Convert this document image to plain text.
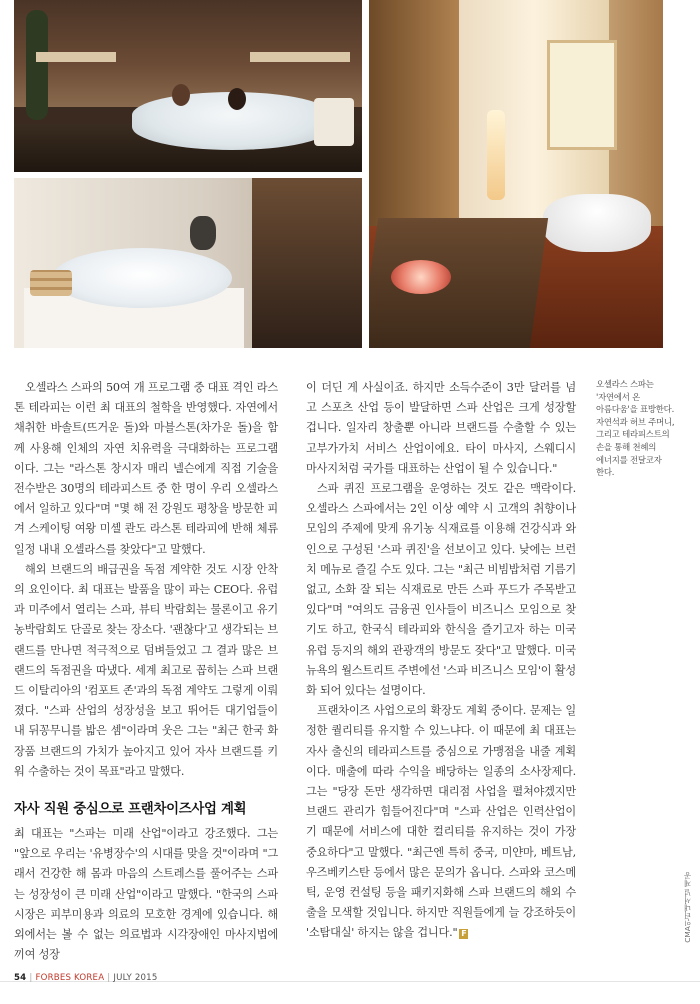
오셀라스 스파의 50여 개 프로그램 중 대표 격인 라스톤 테라피는 이런 최 대표의 철학을 반영했다. 자연에서 채취한 바솔트(뜨거운 돌)와 마블스톤(차가운 돌)을 함께 사용해 인체의 자연 치유력을 극대화하는 프로그램이다. 그는 "라스톤 창시자 매리 넬슨에게 직접 기술을 전수받은 30명의 테라피스트 중 한 명이 우리 오셀라스에서 일하고 있다"며 "몇 해 전 강원도 평창을 방문한 피겨 스케이팅 여왕 미셸 콴도 라스톤 테라피에 반해 체류 일정 내내 오셀라스를 찾았다"고 말했다.

해외 브랜드의 배급권을 독점 계약한 것도 시장 안착의 요인이다. 최 대표는 발품을 많이 파는 CEO다. 유럽과 미주에서 열리는 스파, 뷰티 박람회는 물론이고 유기농박람회도 단골로 찾는 장소다. '괜찮다'고 생각되는 브랜드를 만나면 적극적으로 덤벼들었고 그 결과 많은 브랜드의 독점권을 따냈다. 세계 최고로 꼽히는 스파 브랜드 이탈리아의 '컴포트 존'과의 독점 계약도 그렇게 이뤄졌다. "스파 산업의 성장성을 보고 뛰어든 대기업들이 내 뒤꽁무니를 밟은 셈"이라며 웃은 그는 "최근 한국 화장품 브랜드의 가치가 높아지고 있어 자사 브랜드를 키워 수출하는 것이 목표"라고 말했다.

자사 직원 중심으로 프랜차이즈사업 계획

최 대표는 "스파는 미래 산업"이라고 강조했다. 그는 "앞으로 우리는 '유병장수'의 시대를 맞을 것"이라며 "그래서 건강한 해 몸과 마음의 스트레스를 풀어주는 스파는 성장성이 큰 미래 산업"이라고 말했다. "한국의 스파 시장은 피부미용과 의료의 모호한 경계에 있습니다. 해외에서는 볼 수 없는 의료법과 시각장애인 마사지법에 끼여 성장

이 더딘 게 사실이죠. 하지만 소득수준이 3만 달러를 넘고 스포츠 산업 등이 발달하면 스파 산업은 크게 성장할 겁니다. 일자리 창출뿐 아니라 브랜드를 수출할 수 있는 고부가가치 서비스 산업이에요. 타이 마사지, 스웨디시 마사지처럼 국가를 대표하는 산업이 될 수 있습니다."

스파 퀴진 프로그램을 운영하는 것도 같은 맥락이다. 오셀라스 스파에서는 2인 이상 예약 시 고객의 취향이나 모임의 주제에 맞게 유기농 식재료를 이용해 건강식과 와인으로 구성된 '스파 퀴진'을 선보이고 있다. 낮에는 브런치 메뉴로 즐길 수도 있다. 그는 "최근 비빔밥처럼 기름기 없고, 소화 잘 되는 식재료로 만든 스파 푸드가 주목받고 있다"며 "여의도 금융권 인사들이 비즈니스 모임으로 찾기도 하고, 한국식 테라피와 한식을 즐기고자 하는 미국 유럽 등지의 해외 관광객의 방문도 잦다"고 말했다. 미국 뉴욕의 월스트리트 주변에선 '스파 비즈니스 모임'이 활성화 되어 있다는 설명이다.

프랜차이즈 사업으로의 확장도 계획 중이다. 문제는 일정한 퀄리티를 유지할 수 있느냐다. 이 때문에 최 대표는 자사 출신의 테라피스트를 중심으로 가맹점을 내줄 계획이다. 매출에 따라 수익을 배당하는 일종의 소사장제다. 그는 "당장 돈만 생각하면 대리점 사업을 펼쳐야겠지만 브랜드 관리가 힘들어진다"며 "스파 산업은 인력산업이기 때문에 서비스에 대한 컬리티를 유지하는 것이 가장 중요하다"고 말했다. "최근엔 특히 중국, 미얀마, 베트남, 우즈베키스탄 등에서 많은 문의가 옵니다. 스파와 코스메틱, 운영 컨설팅 등을 패키지화해 스파 브랜드의 해외 수출을 모색할 것입니다. 하지만 직원들에게 늘 강조하듯이 '소탐대실' 하지는 않을 겁니다." F

오셀라스 스파는
'자연에서 온
아름다움'을 표방한다.
자연석과 허브 주머니,
그리고 테라피스트의
손을 통해 천혜의
에너지를 전달코자
한다.
CMA인터내셔널 제공
54 | FORBES KOREA | JULY 2015
